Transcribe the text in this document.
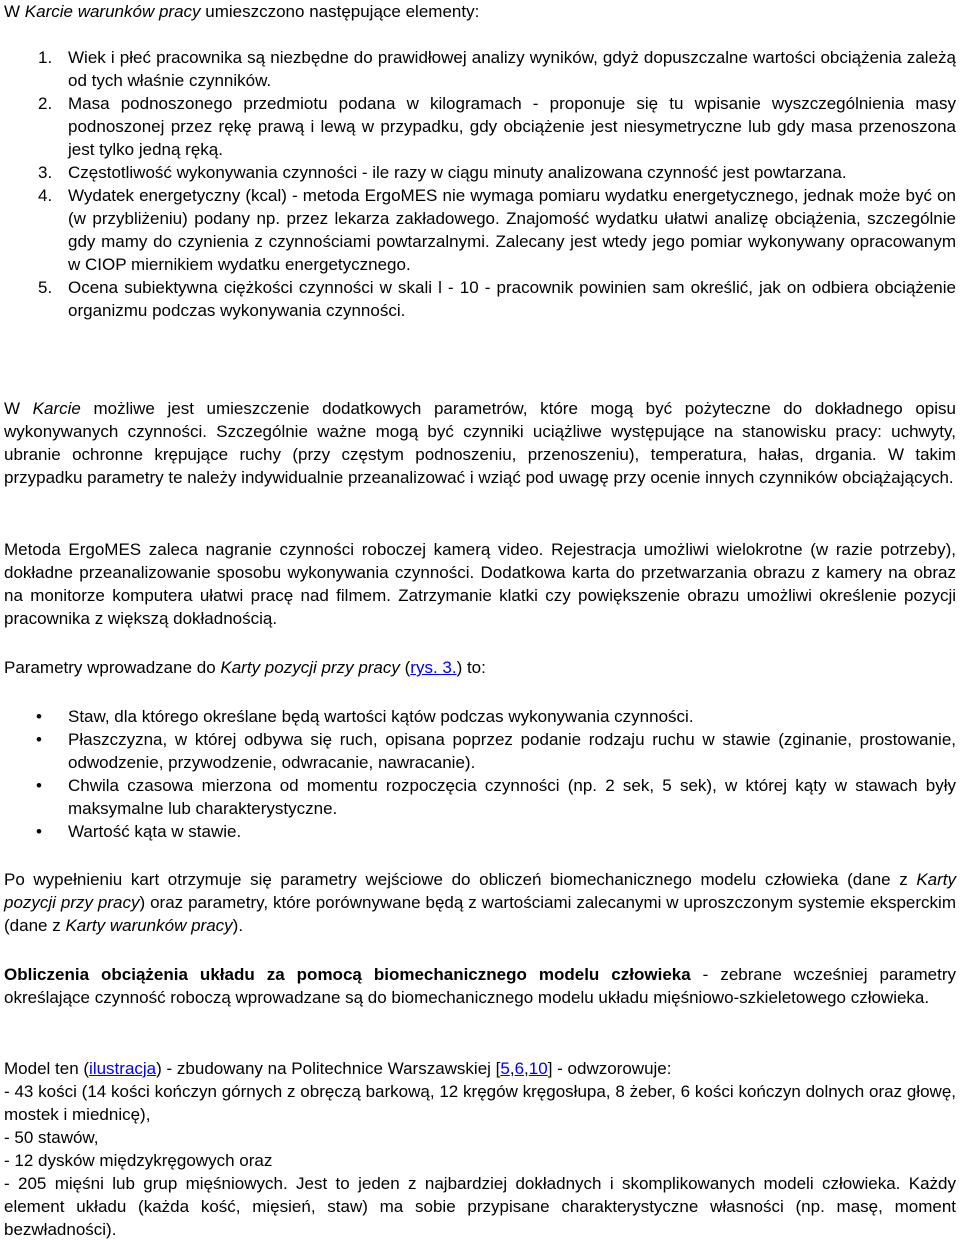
W Karcie warunków pracy umieszczono następujące elementy:

1. Wiek i płeć pracownika są niezbędne do prawidłowej analizy wyników, gdyż dopuszczalne wartości obciążenia zależą od tych właśnie czynników.
2. Masa podnoszonego przedmiotu podana w kilogramach - proponuje się tu wpisanie wyszczególnienia masy podnoszonej przez rękę prawą i lewą w przypadku, gdy obciążenie jest niesymetryczne lub gdy masa przenoszona jest tylko jedną ręką.
3. Częstotliwość wykonywania czynności - ile razy w ciągu minuty analizowana czynność jest powtarzana.
4. Wydatek energetyczny (kcal) - metoda ErgoMES nie wymaga pomiaru wydatku energetycznego, jednak może być on (w przybliżeniu) podany np. przez lekarza zakładowego. Znajomość wydatku ułatwi analizę obciążenia, szczególnie gdy mamy do czynienia z czynnościami powtarzalnymi. Zalecany jest wtedy jego pomiar wykonywany opracowanym w CIOP miernikiem wydatku energetycznego.
5. Ocena subiektywna ciężkości czynności w skali l - 10 - pracownik powinien sam określić, jak on odbiera obciążenie organizmu podczas wykonywania czynności.

W Karcie możliwe jest umieszczenie dodatkowych parametrów, które mogą być pożyteczne do dokładnego opisu wykonywanych czynności. Szczególnie ważne mogą być czynniki uciążliwe występujące na stanowisku pracy: uchwyty, ubranie ochronne krępujące ruchy (przy częstym podnoszeniu, przenoszeniu), temperatura, hałas, drgania. W takim przypadku parametry te należy indywidualnie przeanalizować i wziąć pod uwagę przy ocenie innych czynników obciążających.

Metoda ErgoMES zaleca nagranie czynności roboczej kamerą video. Rejestracja umożliwi wielokrotne (w razie potrzeby), dokładne przeanalizowanie sposobu wykonywania czynności. Dodatkowa karta do przetwarzania obrazu z kamery na obraz na monitorze komputera ułatwi pracę nad filmem. Zatrzymanie klatki czy powiększenie obrazu umożliwi określenie pozycji pracownika z większą dokładnością.

Parametry wprowadzane do Karty pozycji przy pracy (rys. 3.) to:

• Staw, dla którego określane będą wartości kątów podczas wykonywania czynności.
• Płaszczyzna, w której odbywa się ruch, opisana poprzez podanie rodzaju ruchu w stawie (zginanie, prostowanie, odwodzenie, przywodzenie, odwracanie, nawracanie).
• Chwila czasowa mierzona od momentu rozpoczęcia czynności (np. 2 sek, 5 sek), w której kąty w stawach były maksymalne lub charakterystyczne.
• Wartość kąta w stawie.

Po wypełnieniu kart otrzymuje się parametry wejściowe do obliczeń biomechanicznego modelu człowieka (dane z Karty pozycji przy pracy) oraz parametry, które porównywane będą z wartościami zalecanymi w uproszczonym systemie eksperckim (dane z Karty warunków pracy).

Obliczenia obciążenia układu za pomocą biomechanicznego modelu człowieka - zebrane wcześniej parametry określające czynność roboczą wprowadzane są do biomechanicznego modelu układu mięśniowo-szkieletowego człowieka.

Model ten (ilustracja) - zbudowany na Politechnice Warszawskiej [5,6,10] - odwzorowuje:

- 43 kości (14 kości kończyn górnych z obręczą barkową, 12 kręgów kręgosłupa, 8 żeber, 6 kości kończyn dolnych oraz głowę, mostek i miednicę),

- 50 stawów,

- 12 dysków międzykręgowych oraz

- 205 mięśni lub grup mięśniowych. Jest to jeden z najbardziej dokładnych i skomplikowanych modeli człowieka. Każdy element układu (każda kość, mięsień, staw) ma sobie przypisane charakterystyczne własności (np. masę, moment bezwładności).
